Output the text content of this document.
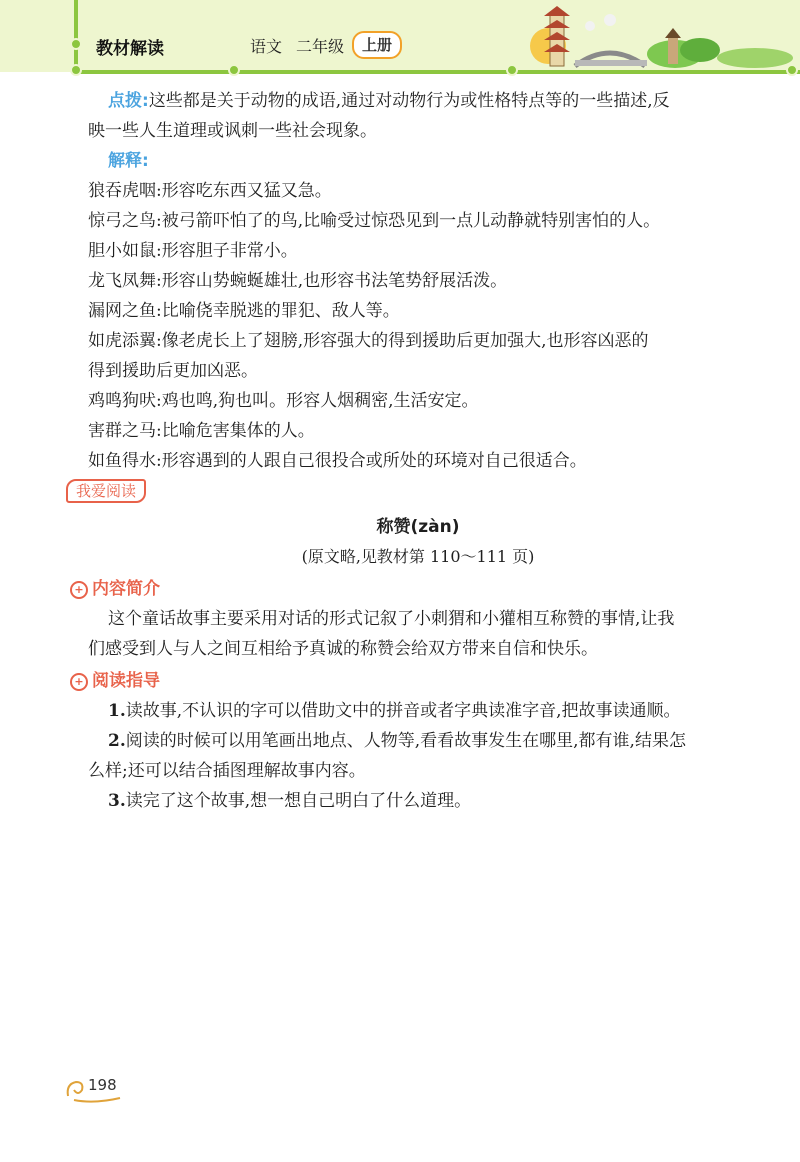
教材解读	语文 二年级	上册

点拨:这些都是关于动物的成语,通过对动物行为或性格特点等的一些描述,反

映一些人生道理或讽刺一些社会现象。

解释:

狼吞虎咽:形容吃东西又猛又急。

惊弓之鸟:被弓箭吓怕了的鸟,比喻受过惊恐见到一点儿动静就特别害怕的人。

胆小如鼠:形容胆子非常小。

龙飞凤舞:形容山势蜿蜒雄壮,也形容书法笔势舒展活泼。

漏网之鱼:比喻侥幸脱逃的罪犯、敌人等。

如虎添翼:像老虎长上了翅膀,形容强大的得到援助后更加强大,也形容凶恶的

得到援助后更加凶恶。

鸡鸣狗吠:鸡也鸣,狗也叫。形容人烟稠密,生活安定。

害群之马:比喻危害集体的人。

如鱼得水:形容遇到的人跟自己很投合或所处的环境对自己很适合。

我爱阅读

称赞(zàn)

(原文略,见教材第 110～111 页)

+ 内容简介

这个童话故事主要采用对话的形式记叙了小刺猬和小獾相互称赞的事情,让我

们感受到人与人之间互相给予真诚的称赞会给双方带来自信和快乐。

+ 阅读指导

1.读故事,不认识的字可以借助文中的拼音或者字典读准字音,把故事读通顺。

2.阅读的时候可以用笔画出地点、人物等,看看故事发生在哪里,都有谁,结果怎

么样;还可以结合插图理解故事内容。

3.读完了这个故事,想一想自己明白了什么道理。

198
